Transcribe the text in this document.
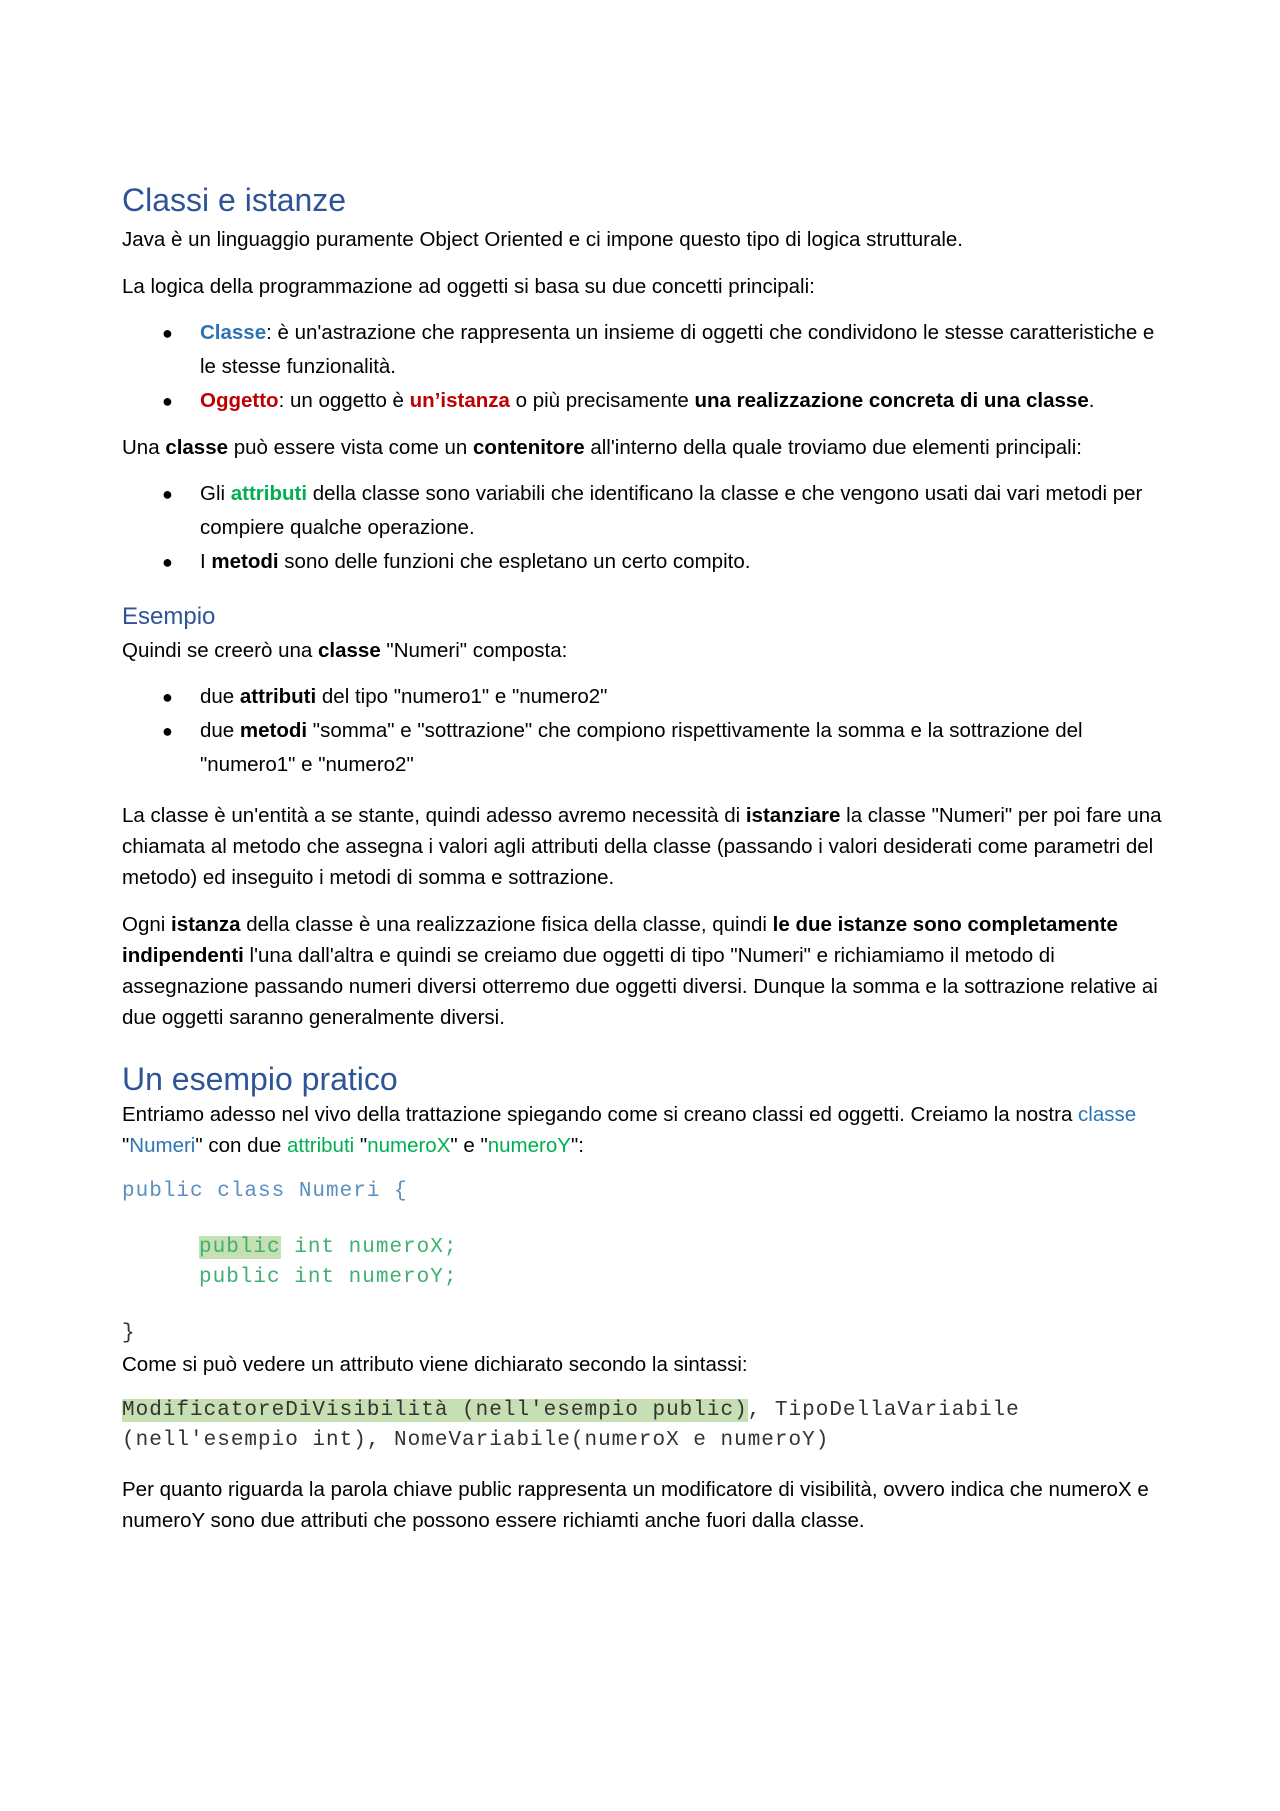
Classi e istanze

Java è un linguaggio puramente Object Oriented e ci impone questo tipo di logica strutturale.

La logica della programmazione ad oggetti si basa su due concetti principali:

● Classe: è un'astrazione che rappresenta un insieme di oggetti che condividono le stesse caratteristiche e le stesse funzionalità.
● Oggetto: un oggetto è un’istanza o più precisamente una realizzazione concreta di una classe.

Una classe può essere vista come un contenitore all'interno della quale troviamo due elementi principali:

● Gli attributi della classe sono variabili che identificano la classe e che vengono usati dai vari metodi per compiere qualche operazione.
● I metodi sono delle funzioni che espletano un certo compito.
Esempio

Quindi se creerò una classe "Numeri" composta:

● due attributi del tipo "numero1" e "numero2"
● due metodi "somma" e "sottrazione" che compiono rispettivamente la somma e la sottrazione del "numero1" e "numero2"

La classe è un'entità a se stante, quindi adesso avremo necessità di istanziare la classe "Numeri" per poi fare una chiamata al metodo che assegna i valori agli attributi della classe (passando i valori desiderati come parametri del metodo) ed inseguito i metodi di somma e sottrazione.

Ogni istanza della classe è una realizzazione fisica della classe, quindi le due istanze sono completamente indipendenti l'una dall'altra e quindi se creiamo due oggetti di tipo "Numeri" e richiamiamo il metodo di assegnazione passando numeri diversi otterremo due oggetti diversi. Dunque la somma e la sottrazione relative ai due oggetti saranno generalmente diversi.

Un esempio pratico

Entriamo adesso nel vivo della trattazione spiegando come si creano classi ed oggetti. Creiamo la nostra classe "Numeri" con due attributi "numeroX" e "numeroY":

public class Numeri {
public int numeroX;
public int numeroY;
}

Come si può vedere un attributo viene dichiarato secondo la sintassi:

ModificatoreDiVisibilità (nell'esempio public), TipoDellaVariabile
(nell'esempio int), NomeVariabile(numeroX e numeroY)

Per quanto riguarda la parola chiave public rappresenta un modificatore di visibilità, ovvero indica che numeroX e numeroY sono due attributi che possono essere richiamti anche fuori dalla classe.
